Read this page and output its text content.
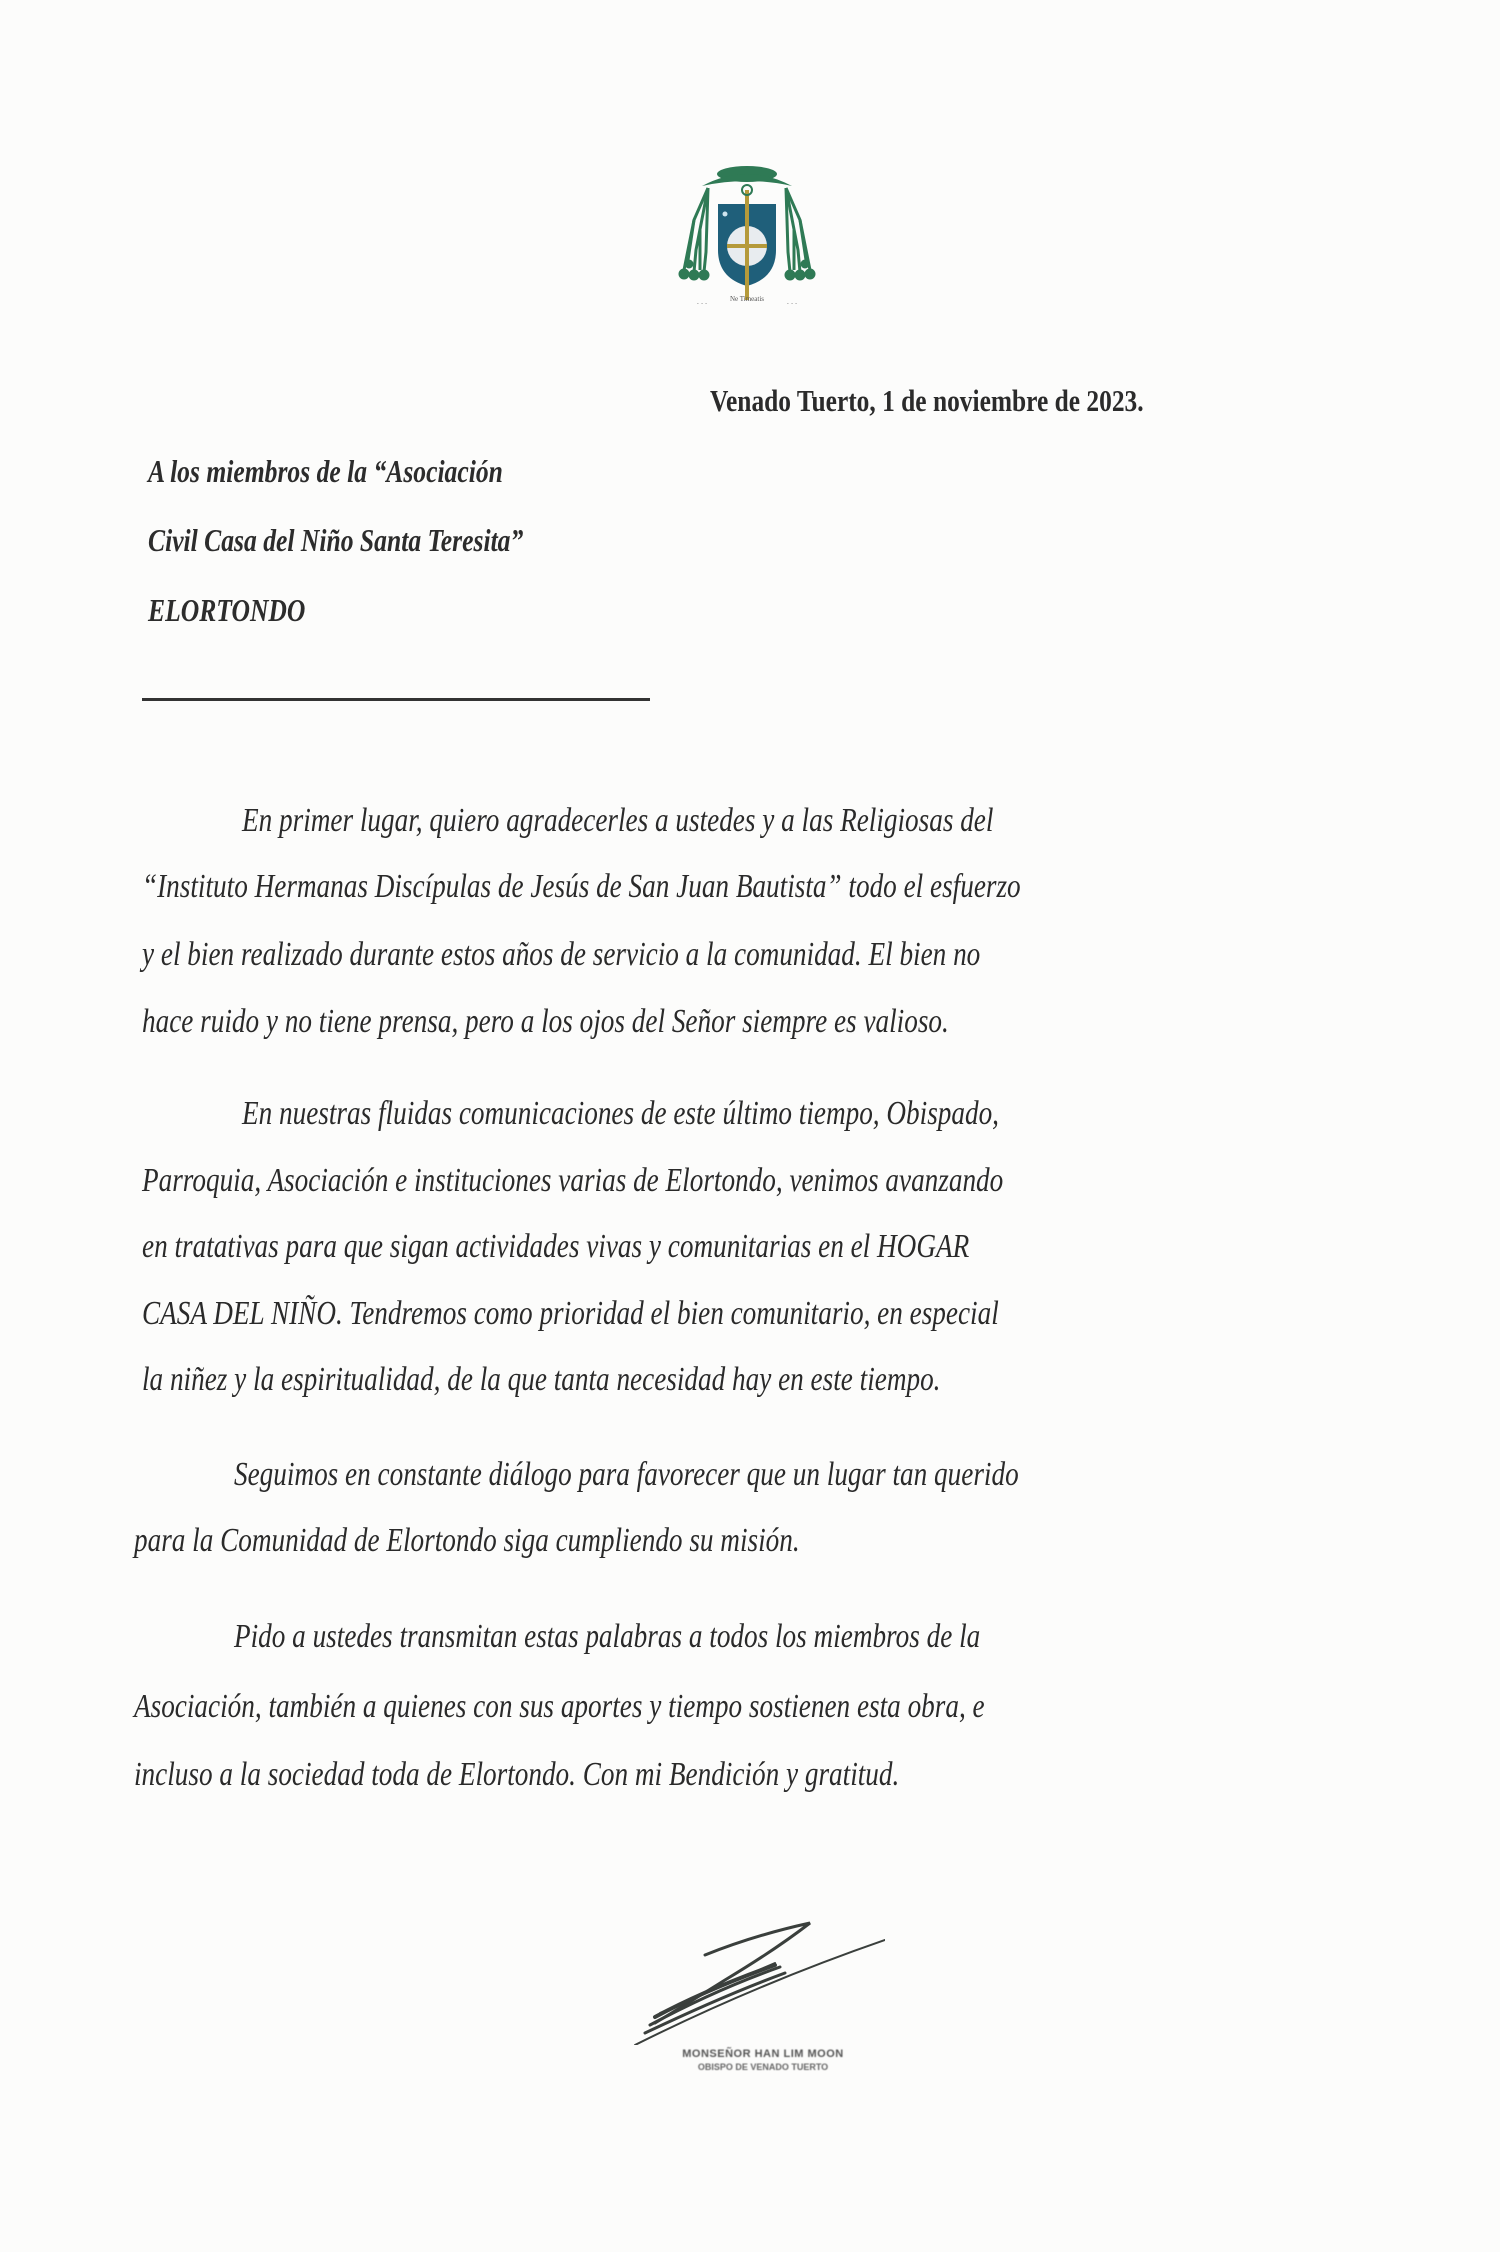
Ne Timeatis
· · ·	· · ·
Venado Tuerto, 1 de noviembre de 2023.
A los miembros de la “Asociación
Civil Casa del Niño Santa Teresita”
ELORTONDO
En primer lugar, quiero agradecerles a ustedes y a las Religiosas del
“Instituto Hermanas Discípulas de Jesús de San Juan Bautista” todo el esfuerzo
y el bien realizado durante estos años de servicio a la comunidad. El bien no
hace ruido y no tiene prensa, pero a los ojos del Señor siempre es valioso.
En nuestras fluidas comunicaciones de este último tiempo, Obispado,
Parroquia, Asociación e instituciones varias de Elortondo, venimos avanzando
en tratativas para que sigan actividades vivas y comunitarias en el HOGAR
CASA DEL NIÑO. Tendremos como prioridad el bien comunitario, en especial
la niñez y la espiritualidad, de la que tanta necesidad hay en este tiempo.
Seguimos en constante diálogo para favorecer que un lugar tan querido
para la Comunidad de Elortondo siga cumpliendo su misión.
Pido a ustedes transmitan estas palabras a todos los miembros de la
Asociación, también a quienes con sus aportes y tiempo sostienen esta obra, e
incluso a la sociedad toda de Elortondo. Con mi Bendición y gratitud.
MONSEÑOR HAN LIM MOON
OBISPO DE VENADO TUERTO
